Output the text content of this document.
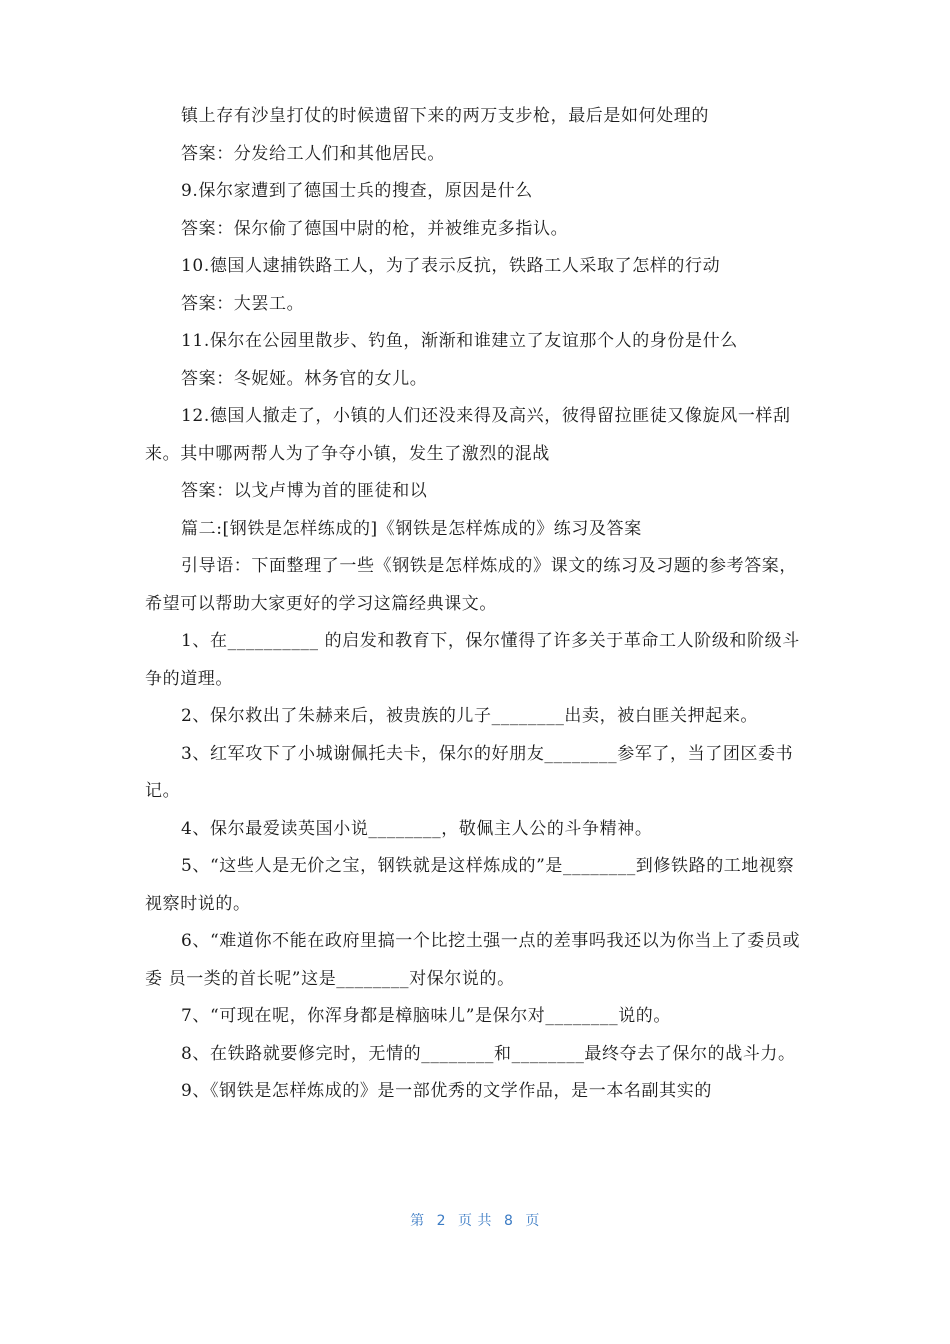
镇上存有沙皇打仗的时候遗留下来的两万支步枪，最后是如何处理的

答案：分发给工人们和其他居民。

9.保尔家遭到了德国士兵的搜查，原因是什么

答案：保尔偷了德国中尉的枪，并被维克多指认。

10.德国人逮捕铁路工人，为了表示反抗，铁路工人采取了怎样的行动

答案：大罢工。

11.保尔在公园里散步、钓鱼，渐渐和谁建立了友谊那个人的身份是什么

答案：冬妮娅。林务官的女儿。

12.德国人撤走了，小镇的人们还没来得及高兴，彼得留拉匪徒又像旋风一样刮来。其中哪两帮人为了争夺小镇，发生了激烈的混战

答案：以戈卢博为首的匪徒和以

篇二:[钢铁是怎样练成的]《钢铁是怎样炼成的》练习及答案

引导语：下面整理了一些《钢铁是怎样炼成的》课文的练习及习题的参考答案，希望可以帮助大家更好的学习这篇经典课文。

1、在__________ 的启发和教育下，保尔懂得了许多关于革命工人阶级和阶级斗争的道理。

2、保尔救出了朱赫来后，被贵族的儿子________出卖，被白匪关押起来。

3、红军攻下了小城谢佩托夫卡，保尔的好朋友________参军了，当了团区委书记。

4、保尔最爱读英国小说________，敬佩主人公的斗争精神。

5、“这些人是无价之宝，钢铁就是这样炼成的”是________到修铁路的工地视察视察时说的。

6、“难道你不能在政府里搞一个比挖土强一点的差事吗我还以为你当上了委员或委 员一类的首长呢”这是________对保尔说的。

7、“可现在呢，你浑身都是樟脑味儿”是保尔对________说的。

8、在铁路就要修完时，无情的________和________最终夺去了保尔的战斗力。

9、《钢铁是怎样炼成的》是一部优秀的文学作品，是一本名副其实的

第 2 页 共 8 页
